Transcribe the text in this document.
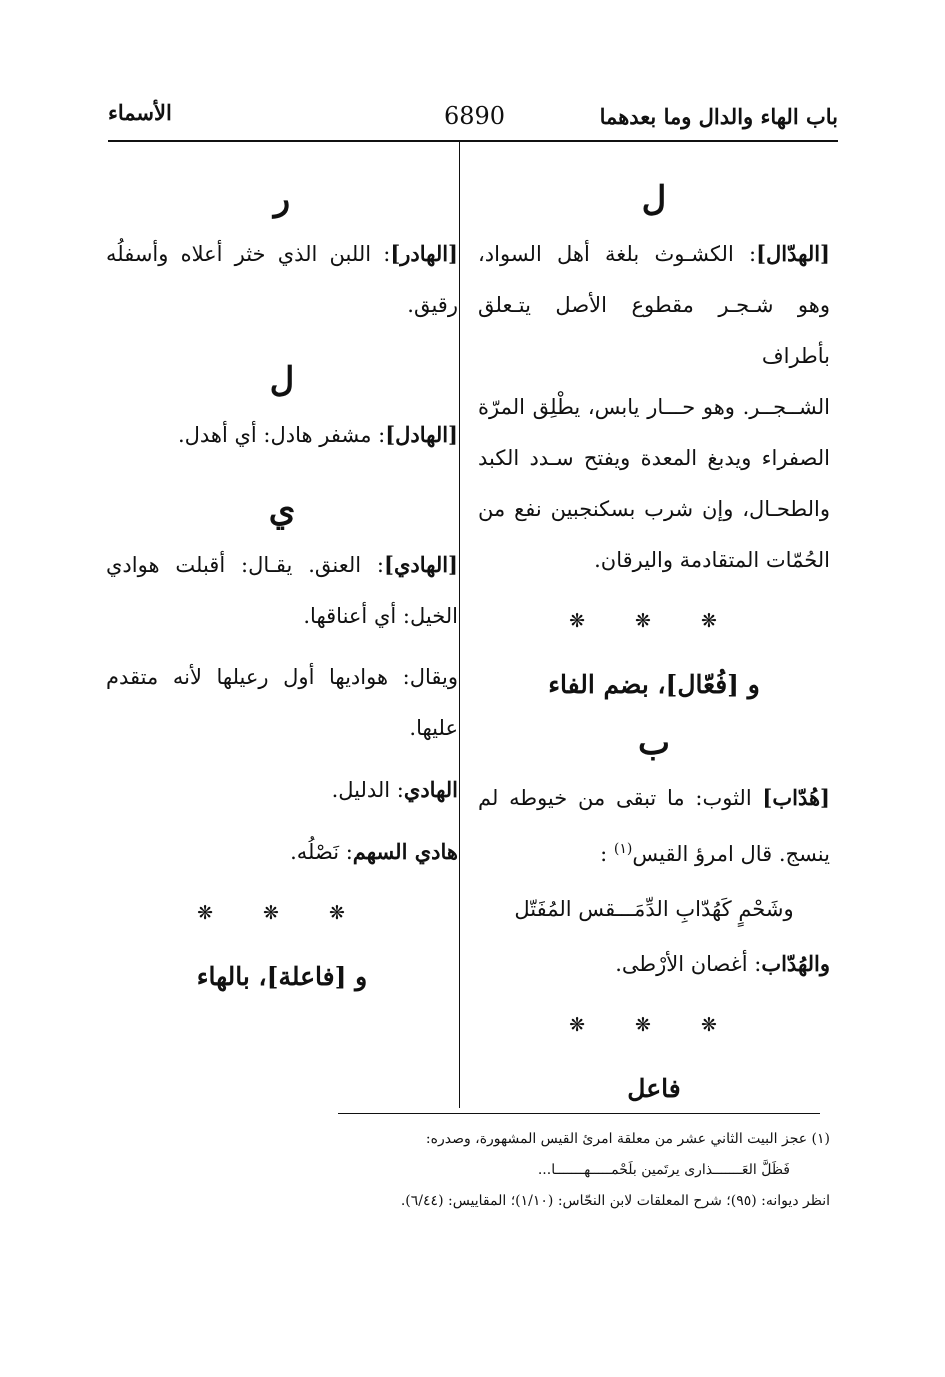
باب الهاء والدال وما بعدهما
6890
الأسماء
ل

[الهدّال]: الكشـوث بلغة أهل السواد،

وهو شـجـر مقطوع الأصل يتـعلق بأطراف

الشــجــر. وهو حـــار يابس، يطْلِق المرّة

الصفراء ويدبغ المعدة ويفتح سـدد الكبد

والطحـال، وإن شرب بسكنجبين نفع من

الحُمّات المتقادمة واليرقان.

❋ ❋ ❋
و [فُعّال]، بضم الفاء
ب

[هُدّاب] الثوب: ما تبقى من خيوطه لم

ينسج. قال امرؤ القيس$^{(١)}$ :

وشَحْمٍ كَهُدّابِ الدِّمَـــقس المُفَتّل

والهُدّاب: أغصان الأرْطى.

❋ ❋ ❋
فاعل
ر

[الهادر]: اللبن الذي خثر أعلاه وأسفلُه

رقيق.

ل

[الهادل]: مشفر هادل: أي أهدل.

ي

[الهادي]: العنق. يقـال: أقبلت هوادي

الخيل: أي أعناقها.

ويقال: هواديها أول رعيلها لأنه متقدم

عليها.

الهادي: الدليل.

هادي السهم: نَصْلُه.

❋ ❋ ❋
و [فاعلة]، بالهاء
(١) عجز البيت الثاني عشر من معلقة امرئ القيس المشهورة، وصدره:
فَظَلَّ العَـــــــذارى يرتَمين بلَحْمـــــهـــــــا...
انظر ديوانه: (٩٥)؛ شرح المعلقات لابن النحّاس: (١/١٠)؛ المقاييس: (٦/٤٤).
